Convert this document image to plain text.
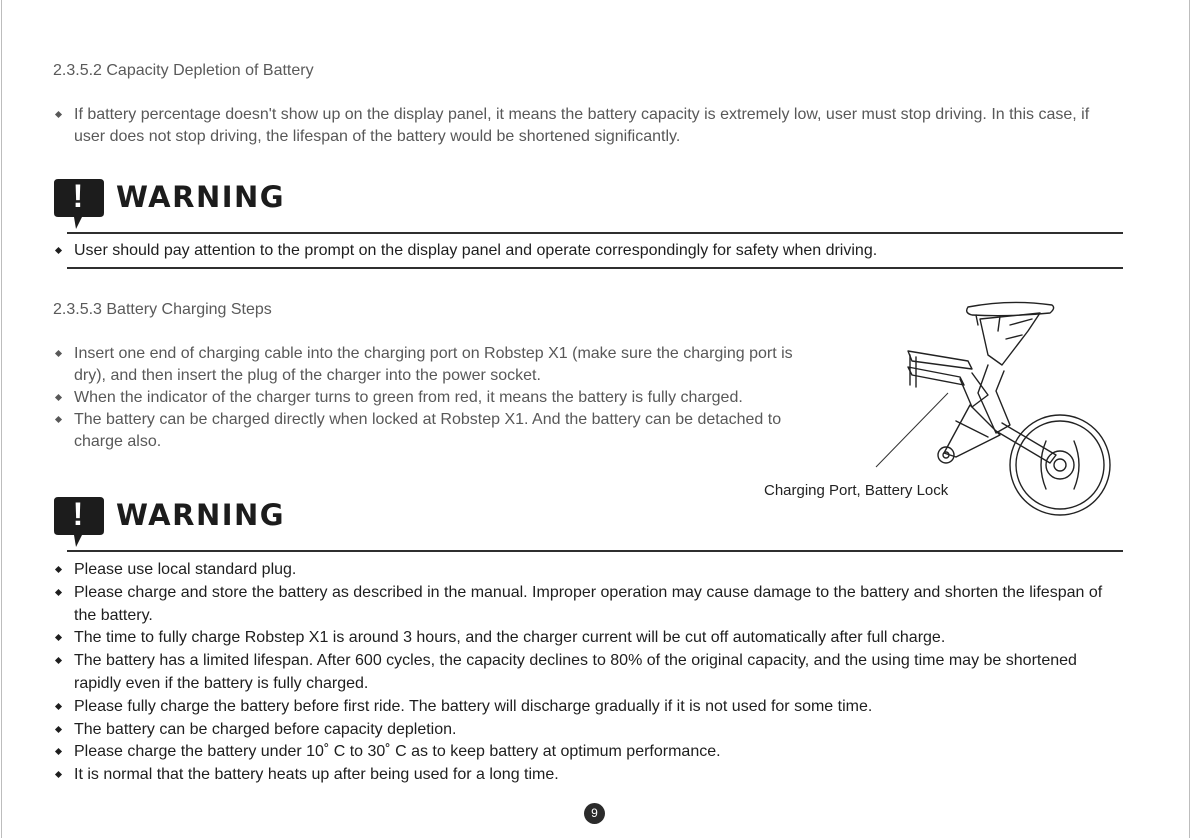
2.3.5.2 Capacity Depletion of Battery
If battery percentage doesn't show up on the display panel, it means the battery capacity is extremely low, user must stop driving. In this case, if user does not stop driving, the lifespan of the battery would be shortened significantly.
!	WARNING
User should pay attention to the prompt on the display panel and operate correspondingly for safety when driving.
2.3.5.3 Battery Charging Steps
Insert one end of charging cable into the charging port on Robstep X1 (make sure the charging port is dry), and then insert the plug of the charger into the power socket.
When the indicator of the charger turns to green from red, it means the battery is fully charged.
The battery can be charged directly when locked at Robstep X1. And the battery can be detached to charge also.
Charging Port, Battery Lock
!	WARNING
Please use local standard plug.
Please charge and store the battery as described in the manual. Improper operation may cause damage to the battery and shorten the lifespan of the battery.
The time to fully charge Robstep X1 is around 3 hours, and the charger current will be cut off automatically after full charge.
The battery has a limited lifespan. After 600 cycles, the capacity declines to 80% of the original capacity, and the using time may be shortened rapidly even if the battery is fully charged.
Please fully charge the battery before first ride. The battery will discharge gradually if it is not used for some time.
The battery can be charged before capacity depletion.
Please charge the battery under 10˚ C to 30˚ C as to keep battery at optimum performance.
It is normal that the battery heats up after being used for a long time.
9
